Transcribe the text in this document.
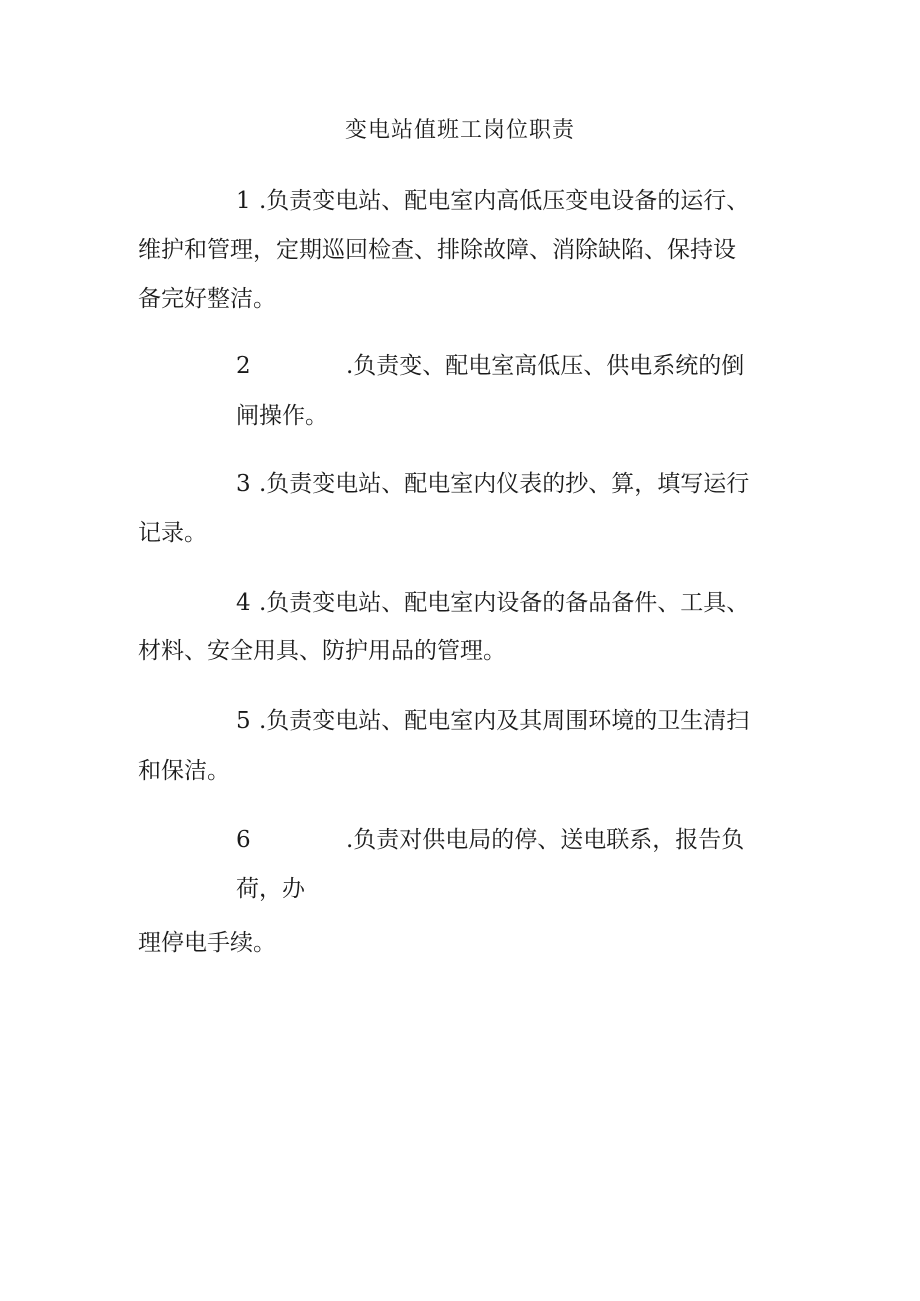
变电站值班工岗位职责
1 .负责变电站、配电室内高低压变电设备的运行、
维护和管理，定期巡回检查、排除故障、消除缺陷、保持设
备完好整洁。
2	.负责变、配电室高低压、供电系统的倒
闸操作。
3 .负责变电站、配电室内仪表的抄、算，填写运行
记录。
4 .负责变电站、配电室内设备的备品备件、工具、
材料、安全用具、防护用品的管理。
5 .负责变电站、配电室内及其周围环境的卫生清扫
和保洁。
6	.负责对供电局的停、送电联系，报告负
荷，办
理停电手续。
